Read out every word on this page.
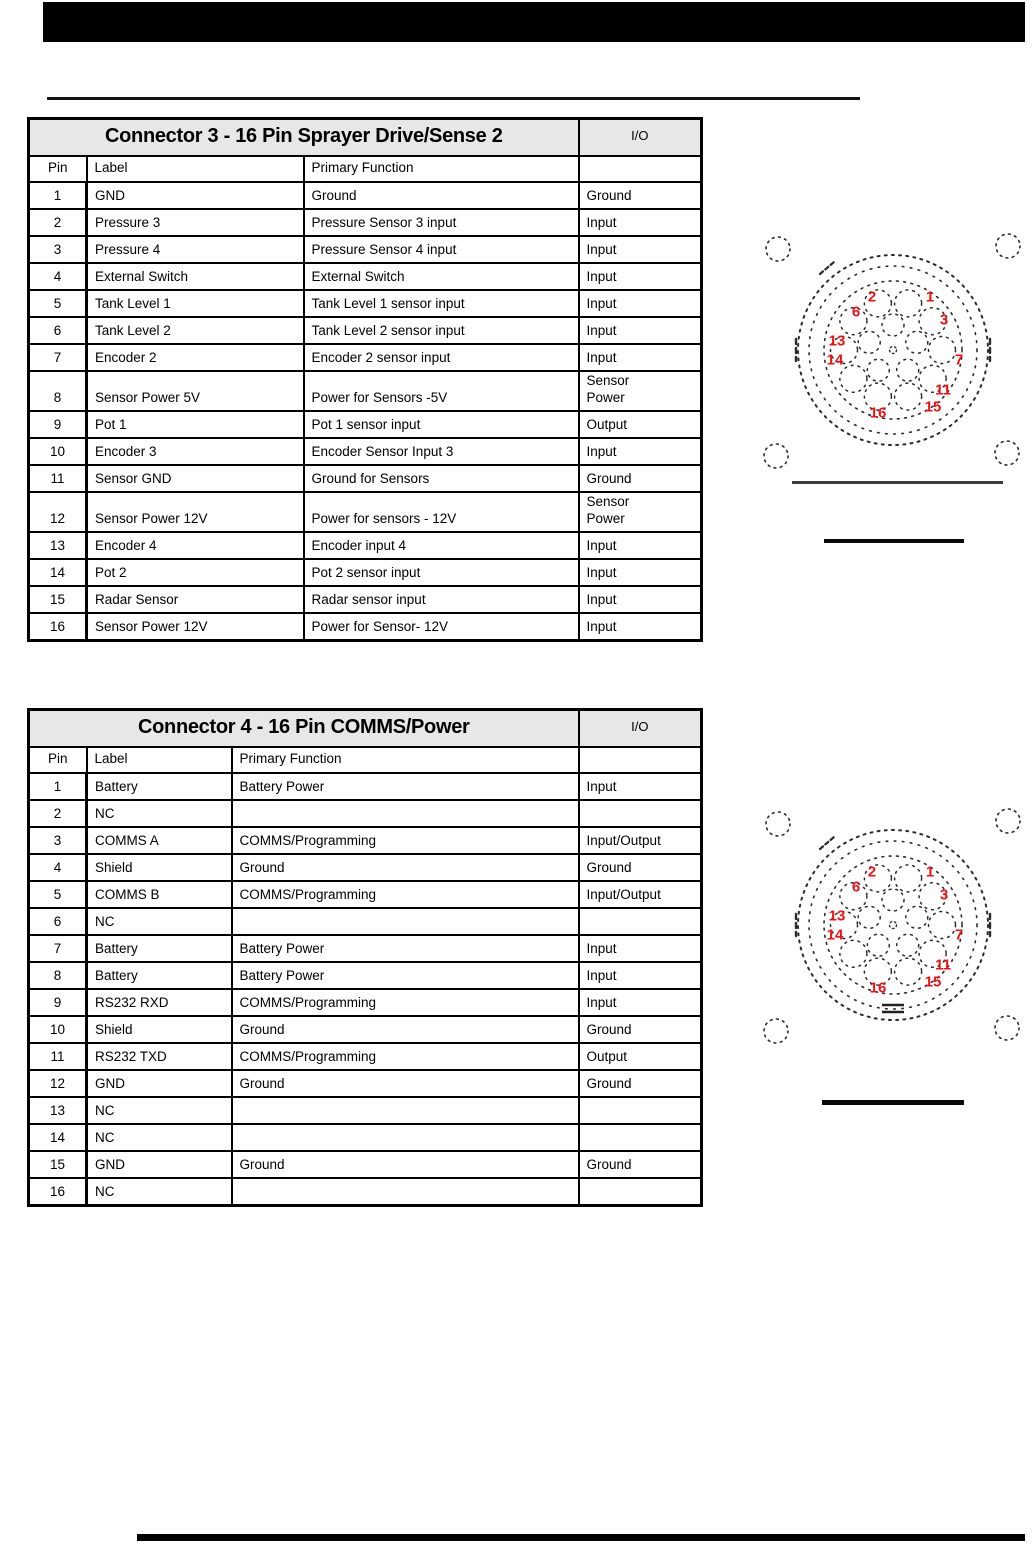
Connector 3 - 16 Pin Sprayer Drive/Sense 2			I/O
Pin	Label	Primary Function	
1	GND	Ground	Ground
2	Pressure 3	Pressure Sensor 3 input	Input
3	Pressure 4	Pressure Sensor 4 input	Input
4	External Switch	External Switch	Input
5	Tank Level 1	Tank Level 1 sensor input	Input
6	Tank Level 2	Tank Level 2 sensor input	Input
7	Encoder 2	Encoder 2 sensor input	Input
8	Sensor Power 5V	Power for Sensors -5V	Sensor
Power
9	Pot 1	Pot 1 sensor input	Output
10	Encoder 3	Encoder Sensor Input 3	Input
11	Sensor GND	Ground for Sensors	Ground
12	Sensor Power 12V	Power for sensors - 12V	Sensor
Power
13	Encoder 4	Encoder input 4	Input
14	Pot 2	Pot 2 sensor input	Input
15	Radar Sensor	Radar sensor input	Input
16	Sensor Power 12V	Power for Sensor- 12V	Input
2	1
6	3
13
14	7
11
15
16
Connector 4 - 16 Pin COMMS/Power			I/O
Pin	Label	Primary Function	
1	Battery	Battery Power	Input
2	NC		
3	COMMS A	COMMS/Programming	Input/Output
4	Shield	Ground	Ground
5	COMMS B	COMMS/Programming	Input/Output
6	NC		
7	Battery	Battery Power	Input
8	Battery	Battery Power	Input
9	RS232 RXD	COMMS/Programming	Input
10	Shield	Ground	Ground
11	RS232 TXD	COMMS/Programming	Output
12	GND	Ground	Ground
13	NC		
14	NC		
15	GND	Ground	Ground
16	NC		
2	1
6	3
13
14	7
11
15
16
